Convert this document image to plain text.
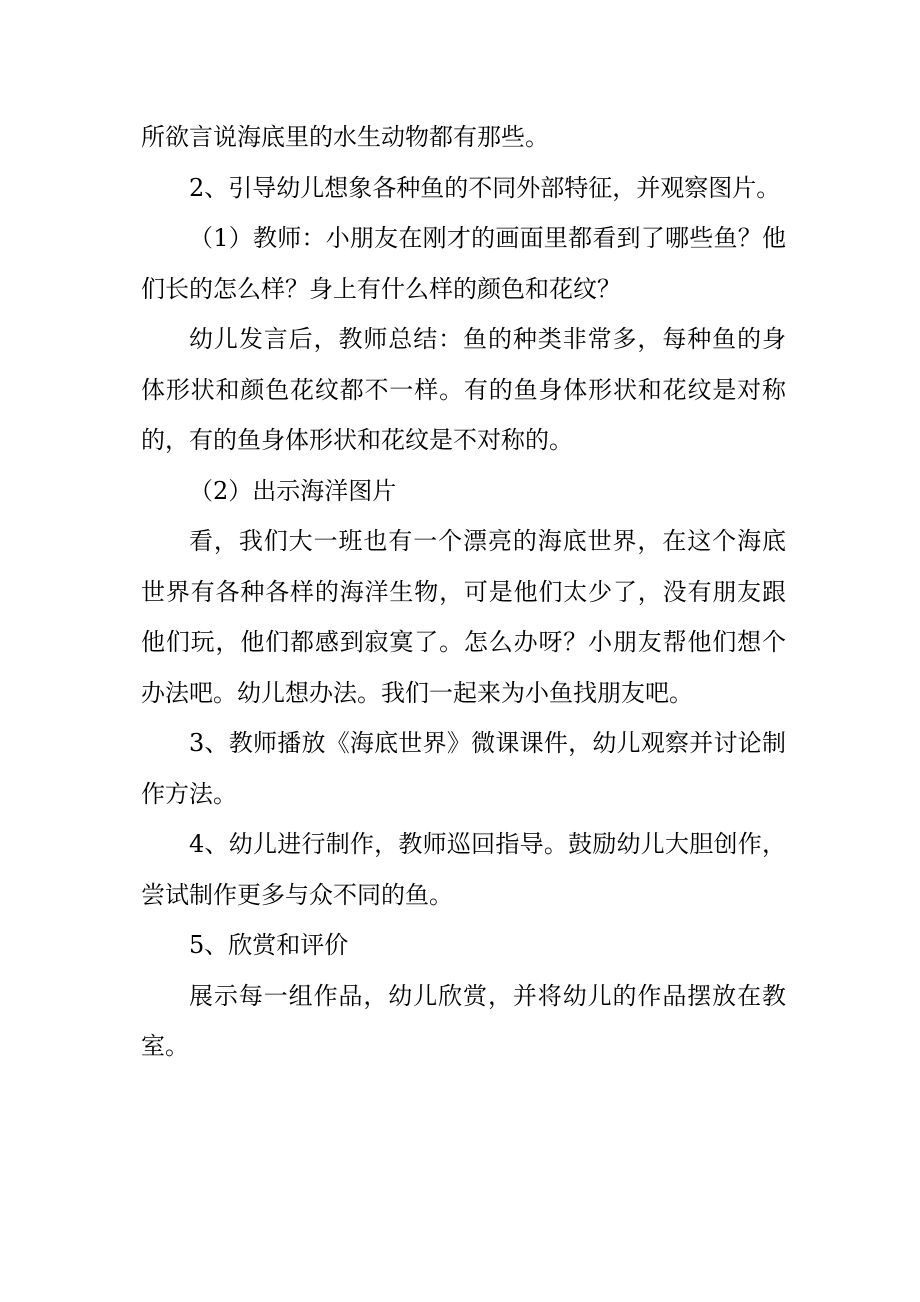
所欲言说海底里的水生动物都有那些。

2、引导幼儿想象各种鱼的不同外部特征，并观察图片。

（1）教师：小朋友在刚才的画面里都看到了哪些鱼？他们长的怎么样？身上有什么样的颜色和花纹？

幼儿发言后，教师总结：鱼的种类非常多，每种鱼的身体形状和颜色花纹都不一样。有的鱼身体形状和花纹是对称的，有的鱼身体形状和花纹是不对称的。

（2）出示海洋图片

看，我们大一班也有一个漂亮的海底世界，在这个海底世界有各种各样的海洋生物，可是他们太少了，没有朋友跟他们玩，他们都感到寂寞了。怎么办呀？小朋友帮他们想个办法吧。幼儿想办法。我们一起来为小鱼找朋友吧。

3、教师播放《海底世界》微课课件，幼儿观察并讨论制作方法。

4、幼儿进行制作，教师巡回指导。鼓励幼儿大胆创作，尝试制作更多与众不同的鱼。

5、欣赏和评价

展示每一组作品，幼儿欣赏，并将幼儿的作品摆放在教室。
